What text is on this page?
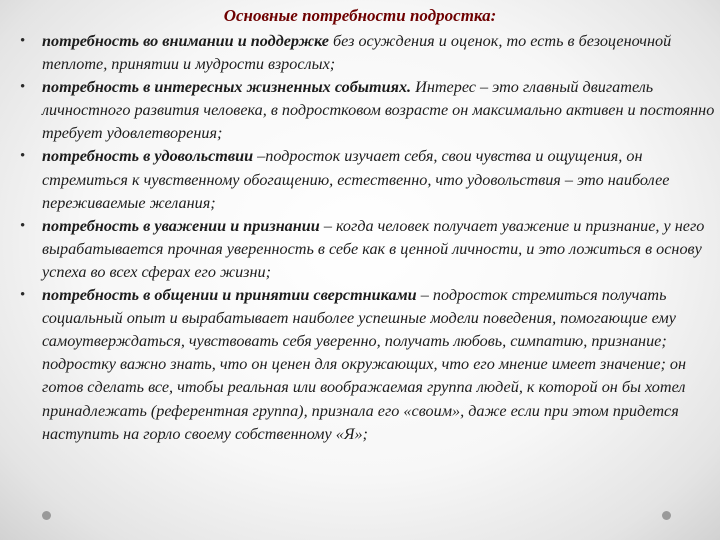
Основные потребности подростка:
• потребность во внимании и поддержке без осуждения и оценок, то есть в безоценочной теплоте, принятии и мудрости взрослых;
• потребность в интересных жизненных событиях. Интерес – это главный двигатель личностного развития человека, в подростковом возрасте он максимально активен и постоянно требует удовлетворения;
• потребность в удовольствии –подросток изучает себя, свои чувства и ощущения, он стремиться к чувственному обогащению, естественно, что удовольствия – это наиболее переживаемые желания;
• потребность в уважении и признании – когда человек получает уважение и признание, у него вырабатывается прочная уверенность в себе как в ценной личности, и это ложиться в основу успеха во всех сферах его жизни;
• потребность в общении и принятии сверстниками – подросток стремиться получать социальный опыт и вырабатывает наиболее успешные модели поведения, помогающие ему самоутверждаться, чувствовать себя уверенно, получать любовь, симпатию, признание; подростку важно знать, что он ценен для окружающих, что его мнение имеет значение; он готов сделать все, чтобы реальная или воображаемая группа людей, к которой он бы хотел принадлежать (референтная группа), признала его «своим», даже если при этом придется наступить на горло своему собственному «Я»;
